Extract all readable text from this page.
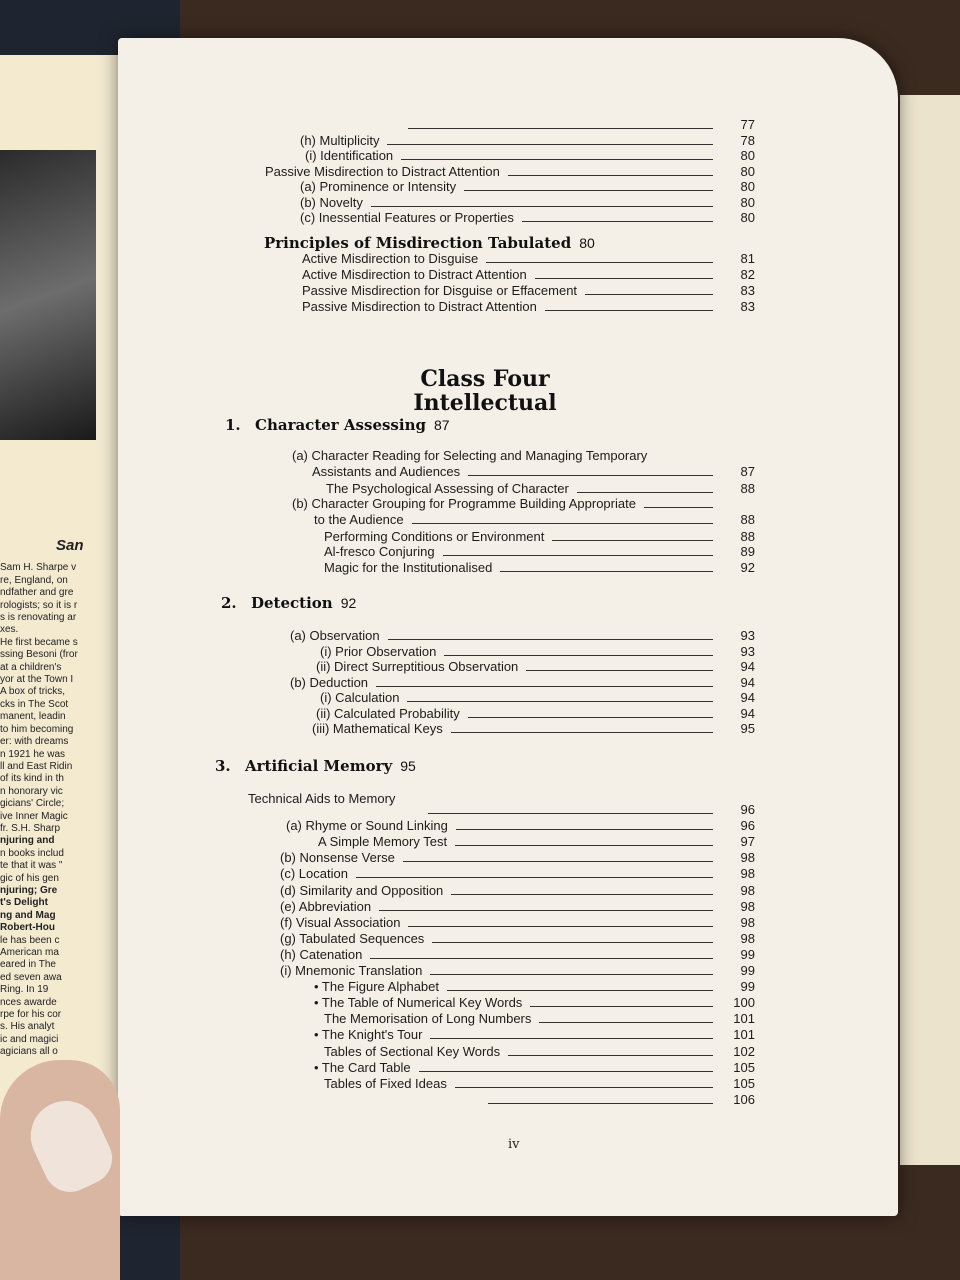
San
Sam H. Sharpe v
re, England, on
ndfather and gre
rologists; so it is r
s is renovating ar
xes.
He first became s
ssing Besoni (fror
at a children's
yor at the Town I
A box of tricks,
cks in The Scot
manent, leadin
to him becoming
er: with dreams
n 1921 he was
ll and East Ridin
of its kind in th
n honorary vic
gicians' Circle;
ive Inner Magic
fr. S.H. Sharp
njuring and
n books includ
te that it was "
gic of his gen
njuring; Gre
t's Delight
ng and Mag
Robert-Hou
le has been c
American ma
eared in The
ed seven awa
Ring. In 19
nces awarde
rpe for his cor
s. His analyt
ic and magici
agicians all o
77
(h) Multiplicity	78
(i) Identification	80
Passive Misdirection to Distract Attention	80
(a) Prominence or Intensity	80
(b) Novelty	80
(c) Inessential Features or Properties	80
Principles of Misdirection Tabulated 80
Active Misdirection to Disguise	81
Active Misdirection to Distract Attention	82
Passive Misdirection for Disguise or Effacement	83
Passive Misdirection to Distract Attention	83
1. Character Assessing 87
(a) Character Reading for Selecting and Managing Temporary
Assistants and Audiences	87
The Psychological Assessing of Character	88
(b) Character Grouping for Programme Building Appropriate
to the Audience	88
Performing Conditions or Environment	88
Al-fresco Conjuring	89
Magic for the Institutionalised	92
2. Detection 92
(a) Observation	93
(i) Prior Observation	93
(ii) Direct Surreptitious Observation	94
(b) Deduction	94
(i) Calculation	94
(ii) Calculated Probability	94
(iii) Mathematical Keys	95
3. Artificial Memory 95
Technical Aids to Memory
96
(a) Rhyme or Sound Linking	96
A Simple Memory Test	97
(b) Nonsense Verse	98
(c) Location	98
(d) Similarity and Opposition	98
(e) Abbreviation	98
(f) Visual Association	98
(g) Tabulated Sequences	98
(h) Catenation	99
(i) Mnemonic Translation	99
• The Figure Alphabet	99
• The Table of Numerical Key Words	100
The Memorisation of Long Numbers	101
• The Knight's Tour	101
Tables of Sectional Key Words	102
• The Card Table	105
Tables of Fixed Ideas	105
106
Class Four
Intellectual
iv
